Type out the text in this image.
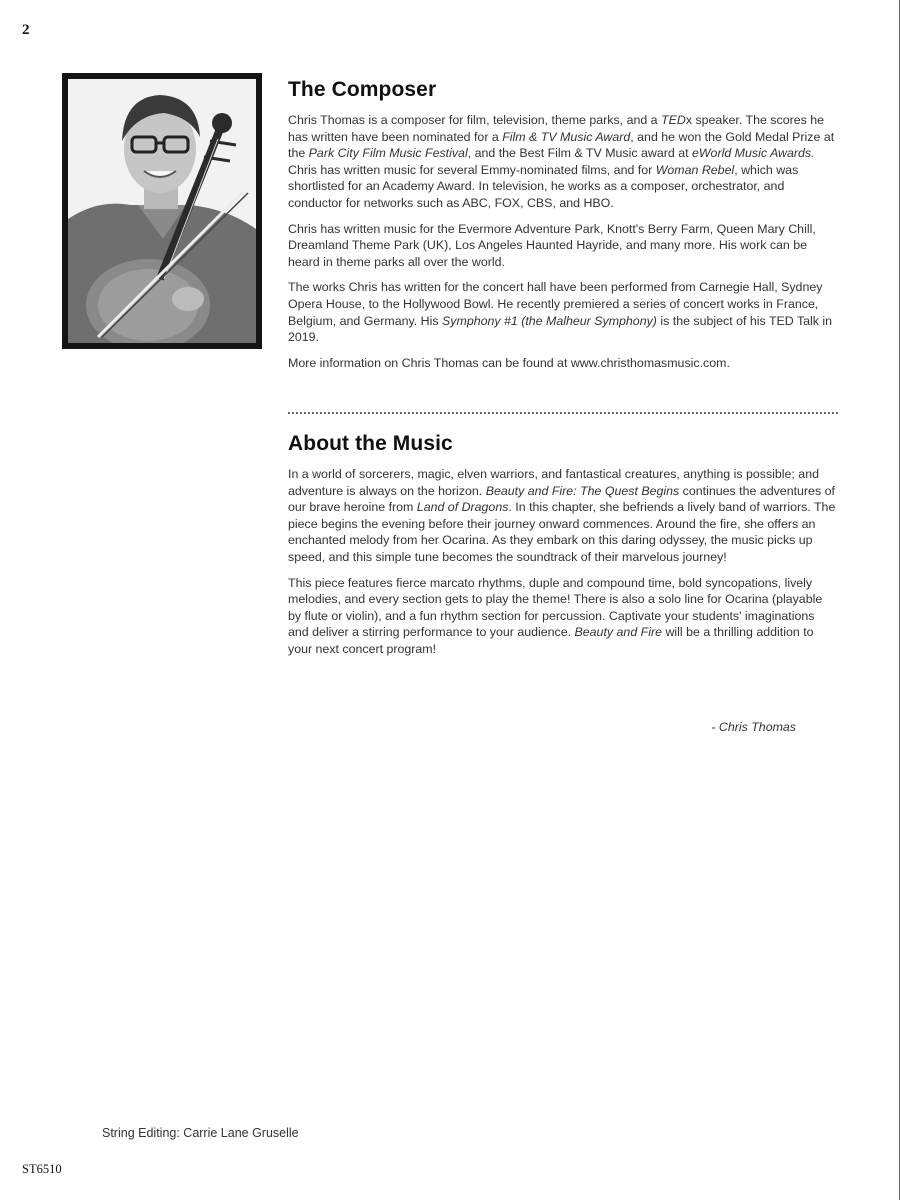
2
The Composer

Chris Thomas is a composer for film, television, theme parks, and a TEDx speaker. The scores he has written have been nominated for a Film & TV Music Award, and he won the Gold Medal Prize at the Park City Film Music Festival, and the Best Film & TV Music award at eWorld Music Awards. Chris has written music for several Emmy-nominated films, and for Woman Rebel, which was shortlisted for an Academy Award. In television, he works as a composer, orchestrator, and conductor for networks such as ABC, FOX, CBS, and HBO.

Chris has written music for the Evermore Adventure Park, Knott's Berry Farm, Queen Mary Chill, Dreamland Theme Park (UK), Los Angeles Haunted Hayride, and many more. His work can be heard in theme parks all over the world.

The works Chris has written for the concert hall have been performed from Carnegie Hall, Sydney Opera House, to the Hollywood Bowl. He recently premiered a series of concert works in France, Belgium, and Germany. His Symphony #1 (the Malheur Symphony) is the subject of his TED Talk in 2019.

More information on Chris Thomas can be found at www.christhomasmusic.com.

About the Music

In a world of sorcerers, magic, elven warriors, and fantastical creatures, anything is possible; and adventure is always on the horizon. Beauty and Fire: The Quest Begins continues the adventures of our brave heroine from Land of Dragons. In this chapter, she befriends a lively band of warriors. The piece begins the evening before their journey onward commences. Around the fire, she offers an enchanted melody from her Ocarina. As they embark on this daring odyssey, the music picks up speed, and this simple tune becomes the soundtrack of their marvelous journey!

This piece features fierce marcato rhythms, duple and compound time, bold syncopations, lively melodies, and every section gets to play the theme! There is also a solo line for Ocarina (playable by flute or violin), and a fun rhythm section for percussion. Captivate your students' imaginations and deliver a stirring performance to your audience. Beauty and Fire will be a thrilling addition to your next concert program!

- Chris Thomas
String Editing: Carrie Lane Gruselle
ST6510
